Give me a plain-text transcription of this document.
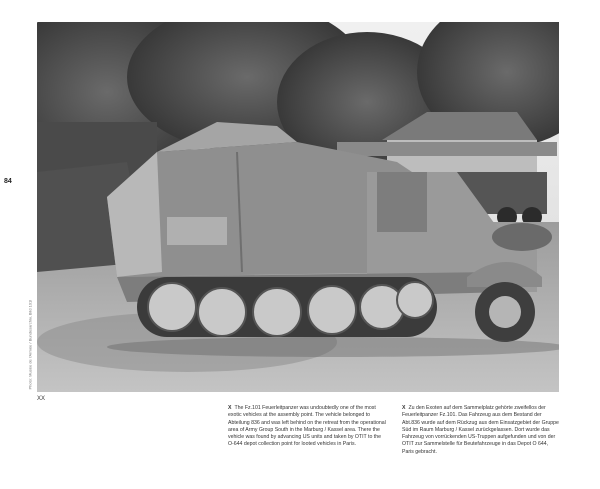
84
Photo: Musée de l'Armée / Bundesarchiv, Bild 101I
XX
X The Fz.101 Feuerleitpanzer was undoubtedly one of the most exotic vehicles at the assembly point. The vehicle belonged to Abteilung 836 and was left behind on the retreat from the operational area of Army Group South in the Marburg / Kassel area. There the vehicle was found by advancing US units and taken by OTIT to the O-644 depot collection point for looted vehicles in Paris.
X Zu den Exoten auf dem Sammelplatz gehörte zweifellos der Feuerleitpanzer Fz.101. Das Fahrzeug aus dem Bestand der Abt.836 wurde auf dem Rückzug aus dem Einsatzgebiet der Gruppe Süd im Raum Marburg / Kassel zurückgelassen. Dort wurde das Fahrzeug von vorrückenden US-Truppen aufgefunden und von der OTIT zur Sammelstelle für Beutefahrzeuge in das Depot O 644, Paris gebracht.
